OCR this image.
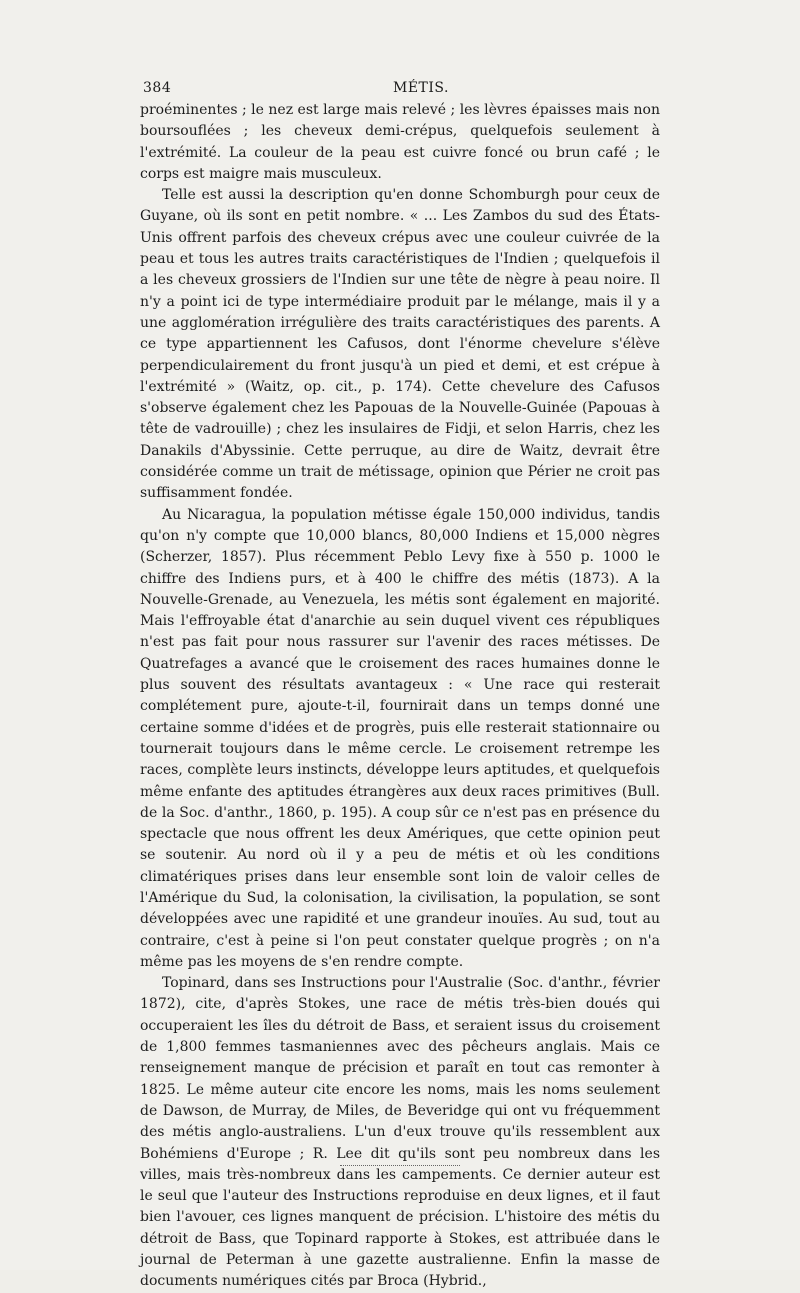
384	MÉTIS.

proéminentes ; le nez est large mais relevé ; les lèvres épaisses mais non boursouflées ; les cheveux demi-crépus, quelquefois seulement à l'extrémité. La couleur de la peau est cuivre foncé ou brun café ; le corps est maigre mais musculeux.

Telle est aussi la description qu'en donne Schomburgh pour ceux de Guyane, où ils sont en petit nombre. « ... Les Zambos du sud des États-Unis offrent parfois des cheveux crépus avec une couleur cuivrée de la peau et tous les autres traits caractéristiques de l'Indien ; quelquefois il a les cheveux grossiers de l'Indien sur une tête de nègre à peau noire. Il n'y a point ici de type intermédiaire produit par le mélange, mais il y a une agglomération irrégulière des traits caractéristiques des parents. A ce type appartiennent les Cafusos, dont l'énorme chevelure s'élève perpendiculairement du front jusqu'à un pied et demi, et est crépue à l'extrémité » (Waitz, op. cit., p. 174). Cette chevelure des Cafusos s'observe également chez les Papouas de la Nouvelle-Guinée (Papouas à tête de vadrouille) ; chez les insulaires de Fidji, et selon Harris, chez les Danakils d'Abyssinie. Cette perruque, au dire de Waitz, devrait être considérée comme un trait de métissage, opinion que Périer ne croit pas suffisamment fondée.

Au Nicaragua, la population métisse égale 150,000 individus, tandis qu'on n'y compte que 10,000 blancs, 80,000 Indiens et 15,000 nègres (Scherzer, 1857). Plus récemment Peblo Levy fixe à 550 p. 1000 le chiffre des Indiens purs, et à 400 le chiffre des métis (1873). A la Nouvelle-Grenade, au Venezuela, les métis sont également en majorité. Mais l'effroyable état d'anarchie au sein duquel vivent ces républiques n'est pas fait pour nous rassurer sur l'avenir des races métisses. De Quatrefages a avancé que le croisement des races humaines donne le plus souvent des résultats avantageux : « Une race qui resterait complétement pure, ajoute-t-il, fournirait dans un temps donné une certaine somme d'idées et de progrès, puis elle resterait stationnaire ou tournerait toujours dans le même cercle. Le croisement retrempe les races, complète leurs instincts, développe leurs aptitudes, et quelquefois même enfante des aptitudes étrangères aux deux races primitives (Bull. de la Soc. d'anthr., 1860, p. 195). A coup sûr ce n'est pas en présence du spectacle que nous offrent les deux Amériques, que cette opinion peut se soutenir. Au nord où il y a peu de métis et où les conditions climatériques prises dans leur ensemble sont loin de valoir celles de l'Amérique du Sud, la colonisation, la civilisation, la population, se sont développées avec une rapidité et une grandeur inouïes. Au sud, tout au contraire, c'est à peine si l'on peut constater quelque progrès ; on n'a même pas les moyens de s'en rendre compte.

Topinard, dans ses Instructions pour l'Australie (Soc. d'anthr., février 1872), cite, d'après Stokes, une race de métis très-bien doués qui occuperaient les îles du détroit de Bass, et seraient issus du croisement de 1,800 femmes tasmaniennes avec des pêcheurs anglais. Mais ce renseignement manque de précision et paraît en tout cas remonter à 1825. Le même auteur cite encore les noms, mais les noms seulement de Dawson, de Murray, de Miles, de Beveridge qui ont vu fréquemment des métis anglo-australiens. L'un d'eux trouve qu'ils ressemblent aux Bohémiens d'Europe ; R. Lee dit qu'ils sont peu nombreux dans les villes, mais très-nombreux dans les campements. Ce dernier auteur est le seul que l'auteur des Instructions reproduise en deux lignes, et il faut bien l'avouer, ces lignes manquent de précision. L'histoire des métis du détroit de Bass, que Topinard rapporte à Stokes, est attribuée dans le journal de Peterman à une gazette australienne. Enfin la masse de documents numériques cités par Broca (Hybrid.,
